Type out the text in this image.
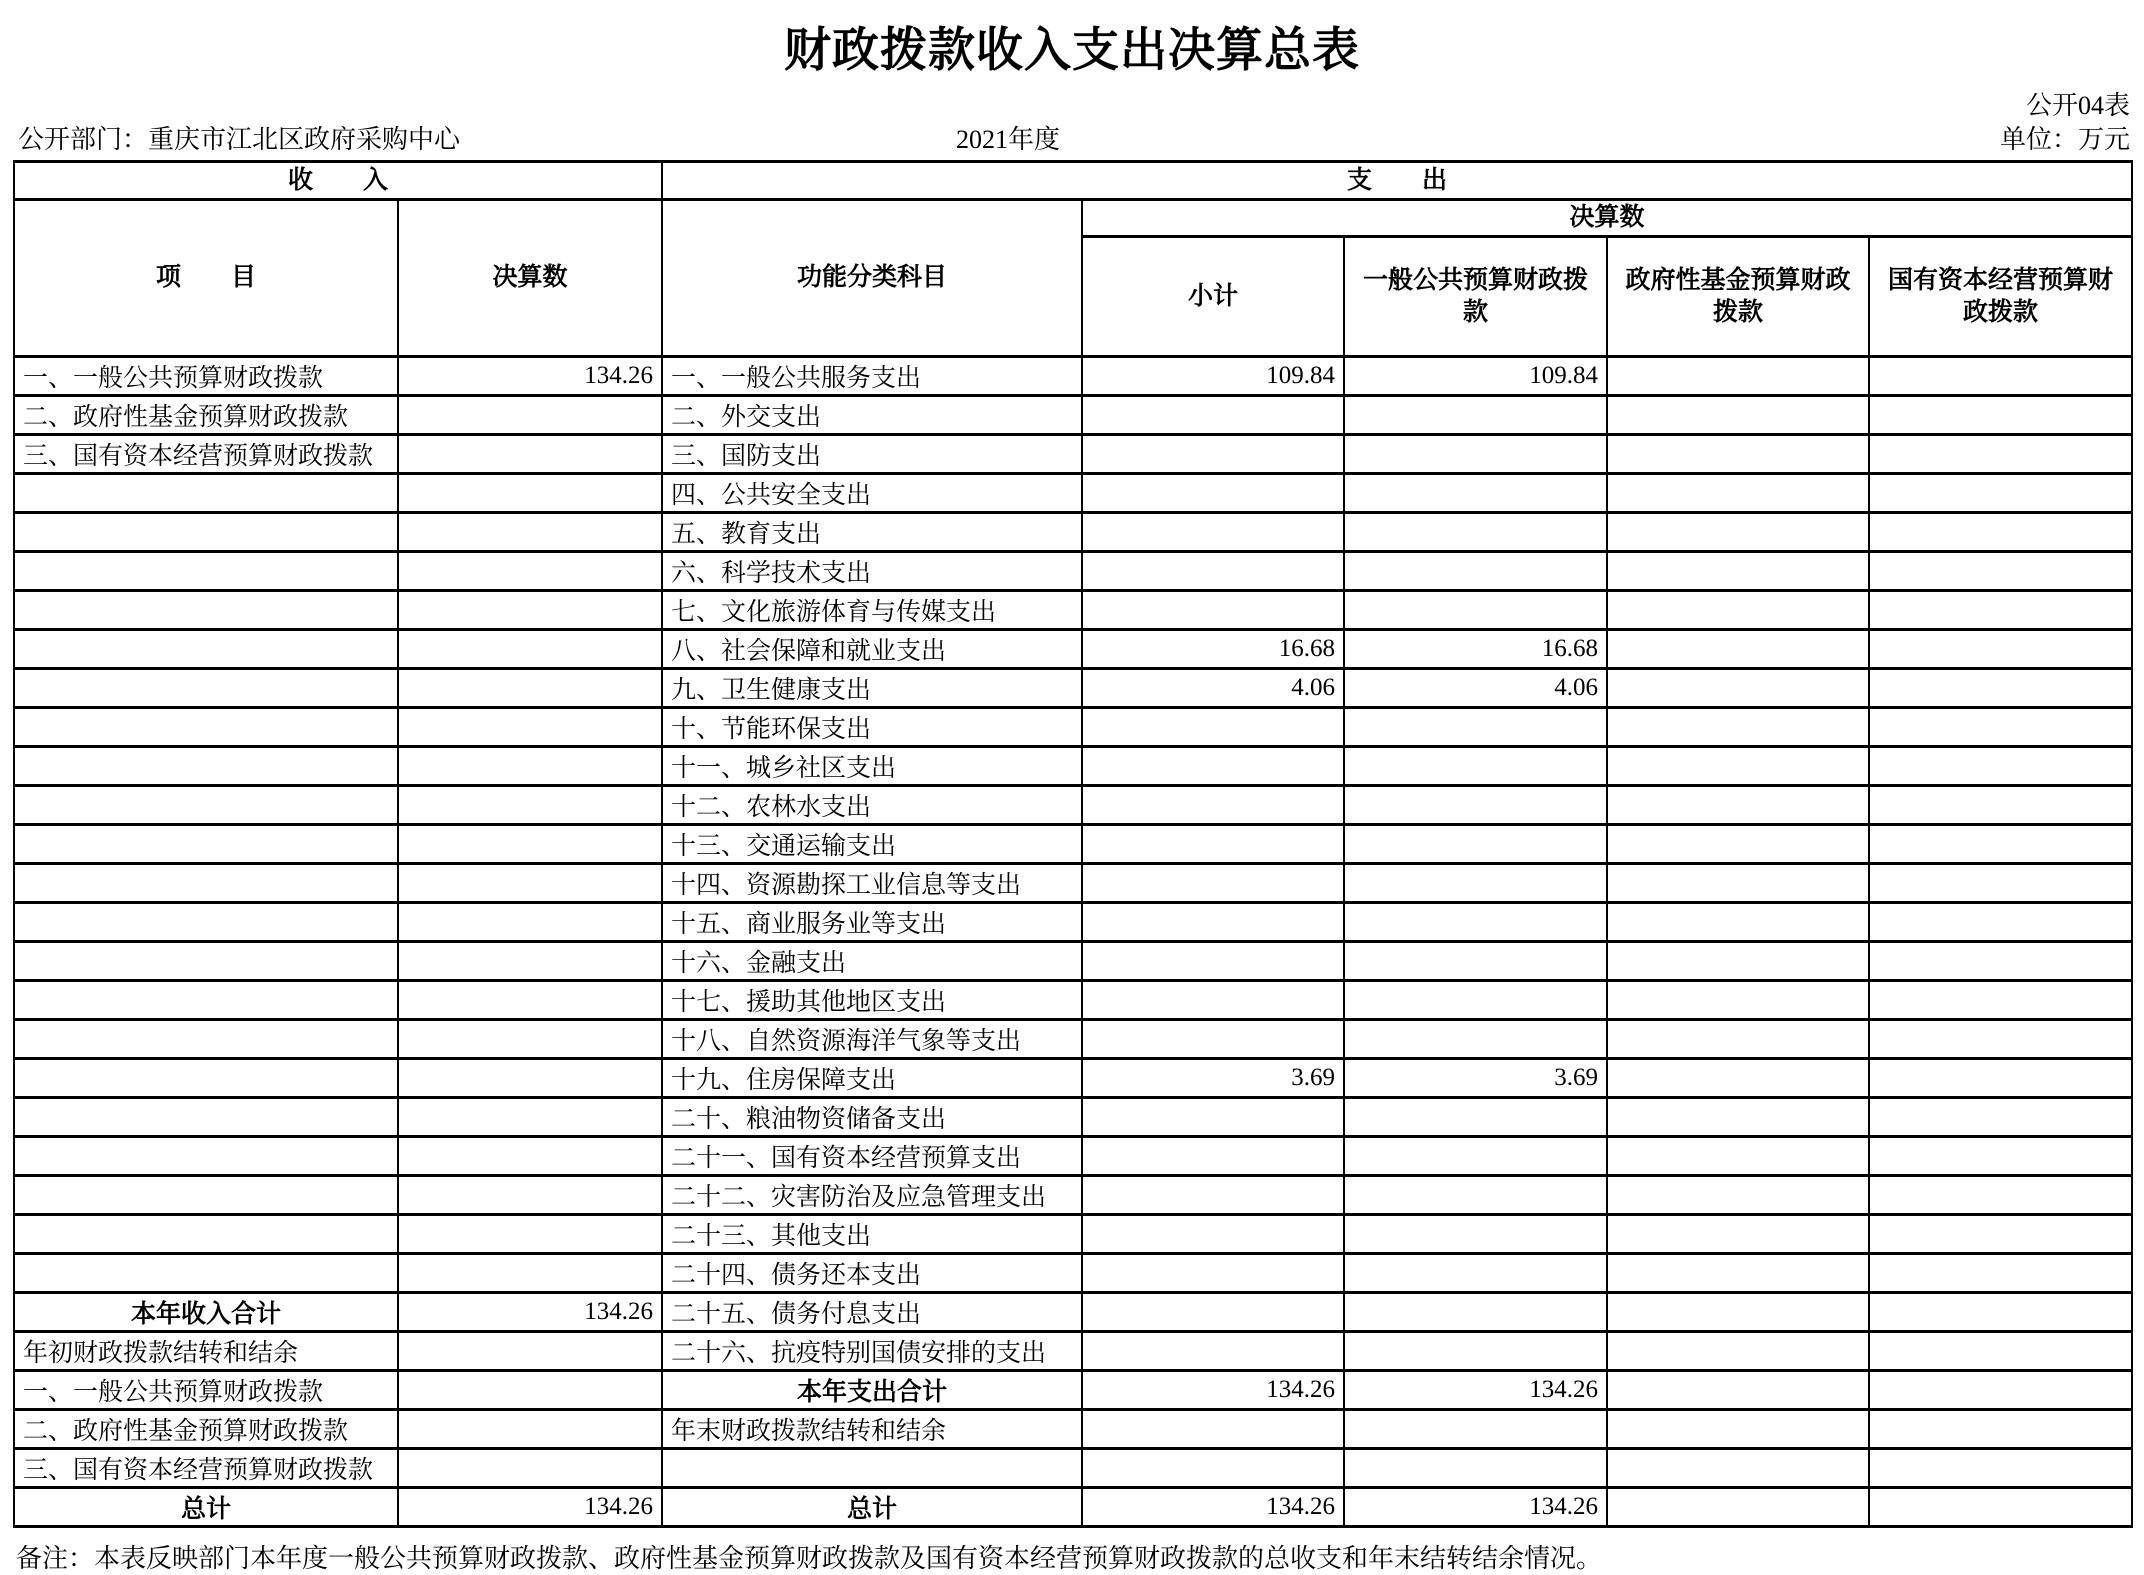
财政拨款收入支出决算总表
公开04表
公开部门：重庆市江北区政府采购中心	2021年度	单位：万元
收　　入		支　　出				
项　　目	决算数	功能分类科目	决算数			
			小计	一般公共预算财政拨款	政府性基金预算财政拨款	国有资本经营预算财政拨款
一、一般公共预算财政拨款	134.26	一、一般公共服务支出	109.84	109.84		
二、政府性基金预算财政拨款		二、外交支出				
三、国有资本经营预算财政拨款		三、国防支出				
		四、公共安全支出				
		五、教育支出				
		六、科学技术支出				
		七、文化旅游体育与传媒支出				
		八、社会保障和就业支出	16.68	16.68		
		九、卫生健康支出	4.06	4.06		
		十、节能环保支出				
		十一、城乡社区支出				
		十二、农林水支出				
		十三、交通运输支出				
		十四、资源勘探工业信息等支出				
		十五、商业服务业等支出				
		十六、金融支出				
		十七、援助其他地区支出				
		十八、自然资源海洋气象等支出				
		十九、住房保障支出	3.69	3.69		
		二十、粮油物资储备支出				
		二十一、国有资本经营预算支出				
		二十二、灾害防治及应急管理支出				
		二十三、其他支出				
		二十四、债务还本支出				
本年收入合计	134.26	二十五、债务付息支出				
年初财政拨款结转和结余		二十六、抗疫特别国债安排的支出				
一、一般公共预算财政拨款		本年支出合计	134.26	134.26		
二、政府性基金预算财政拨款		年末财政拨款结转和结余				
三、国有资本经营预算财政拨款						
总计	134.26	总计	134.26	134.26		
备注：本表反映部门本年度一般公共预算财政拨款、政府性基金预算财政拨款及国有资本经营预算财政拨款的总收支和年末结转结余情况。
